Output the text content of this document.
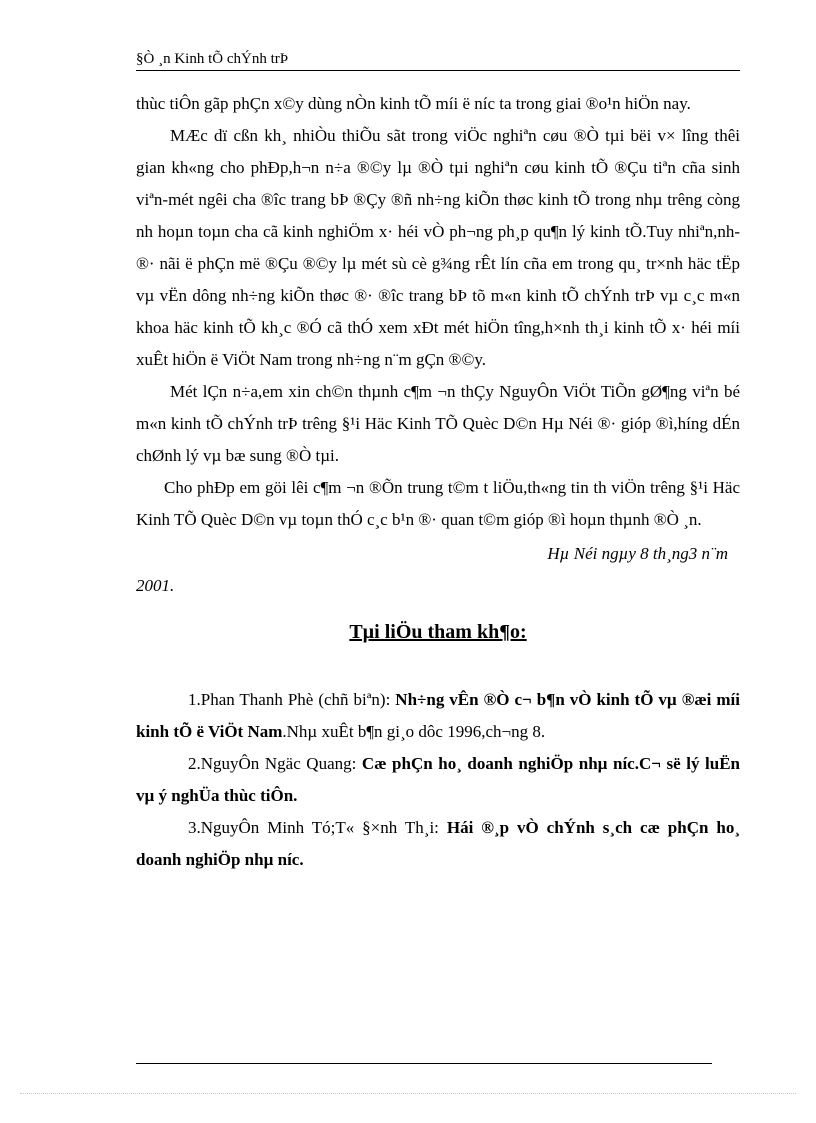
§Ò ¸n Kinh tÕ chÝnh trÞ

thùc tiÔn gãp phÇn x©y dùng nÒn kinh tÕ míi ë níc ta trong giai ®o¹n hiÖn nay.

MÆc dï cßn kh¸ nhiÒu thiÕu sãt trong viÖc nghiªn cøu ®Ò tµi bëi v× lîng thêi gian kh«ng cho phÐp,h¬n n÷a ®©y lµ ®Ò tµi nghiªn cøu kinh tÕ ®Çu tiªn cña sinh viªn-mét ngêi cha ®îc trang bÞ ®Çy ®ñ nh÷ng kiÕn thøc kinh tÕ trong nhµ trêng còng nh hoµn toµn cha cã kinh nghiÖm x· héi vÒ ph¬ng ph¸p qu¶n lý kinh tÕ.Tuy nhiªn,nh ®· nãi ë phÇn më ®Çu ®©y lµ mét sù cè g¾ng rÊt lín cña em trong qu¸ tr×nh häc tËp vµ vËn dông nh÷ng kiÕn thøc ®· ®îc trang bÞ tõ m«n kinh tÕ chÝnh trÞ vµ c¸c m«n khoa häc kinh tÕ kh¸c ®Ó cã thÓ xem xÐt mét hiÖn tîng,h×nh th¸i kinh tÕ x· héi míi xuÊt hiÖn ë ViÖt Nam trong nh÷ng n¨m gÇn ®©y.

Mét lÇn n÷a,em xin ch©n thµnh c¶m ¬n thÇy NguyÔn ViÖt TiÕn gØ¶ng viªn bé m«n kinh tÕ chÝnh trÞ trêng §¹i Häc Kinh TÕ Quèc D©n Hµ Néi ®· gióp ®ì,híng dÉn chØnh lý vµ bæ sung ®Ò tµi.

Cho phÐp em göi lêi c¶m ¬n ®Õn trung t©m t liÖu,th«ng tin th viÖn trêng §¹i Häc Kinh TÕ Quèc D©n vµ toµn thÓ c¸c b¹n ®· quan t©m gióp ®ì hoµn thµnh ®Ò ¸n.

Hµ Néi ngµy 8 th¸ng3 n¨m
2001.
Tµi liÖu tham kh¶o:

1.Phan Thanh Phè (chñ biªn): Nh÷ng vÊn ®Ò c¬ b¶n vÒ kinh tÕ vµ ®æi míi kinh tÕ ë ViÖt Nam.Nhµ xuÊt b¶n gi¸o dôc 1996,ch¬ng 8.

2.NguyÔn Ngäc Quang: Cæ phÇn ho¸ doanh nghiÖp nhµ níc.C¬ së lý luËn vµ ý nghÜa thùc tiÔn.

3.NguyÔn Minh Tó;T« §×nh Th¸i: Hái ®¸p vÒ chÝnh s¸ch cæ phÇn ho¸ doanh nghiÖp nhµ níc.
